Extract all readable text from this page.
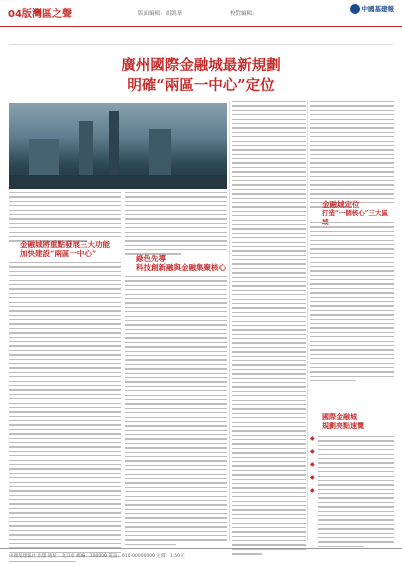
04版 灣區之聲	版面編輯：胡凱華	校對編輯：
中國基建報
廣州國際金融城最新規劃
明確“兩區一中心”定位
金融城將重點發展三大功能
加快建設“兩區一中心”
綠色先導
科技創新融與金融集聚核心
金融城定位
打造“一個核心”三大區
國際金融城
規劃亮點速覽
◆
◆
◆
◆
◆
中國基建報社 出版 地址：北京市 郵編：100000 電話：010-00000000 定價：1.50元
